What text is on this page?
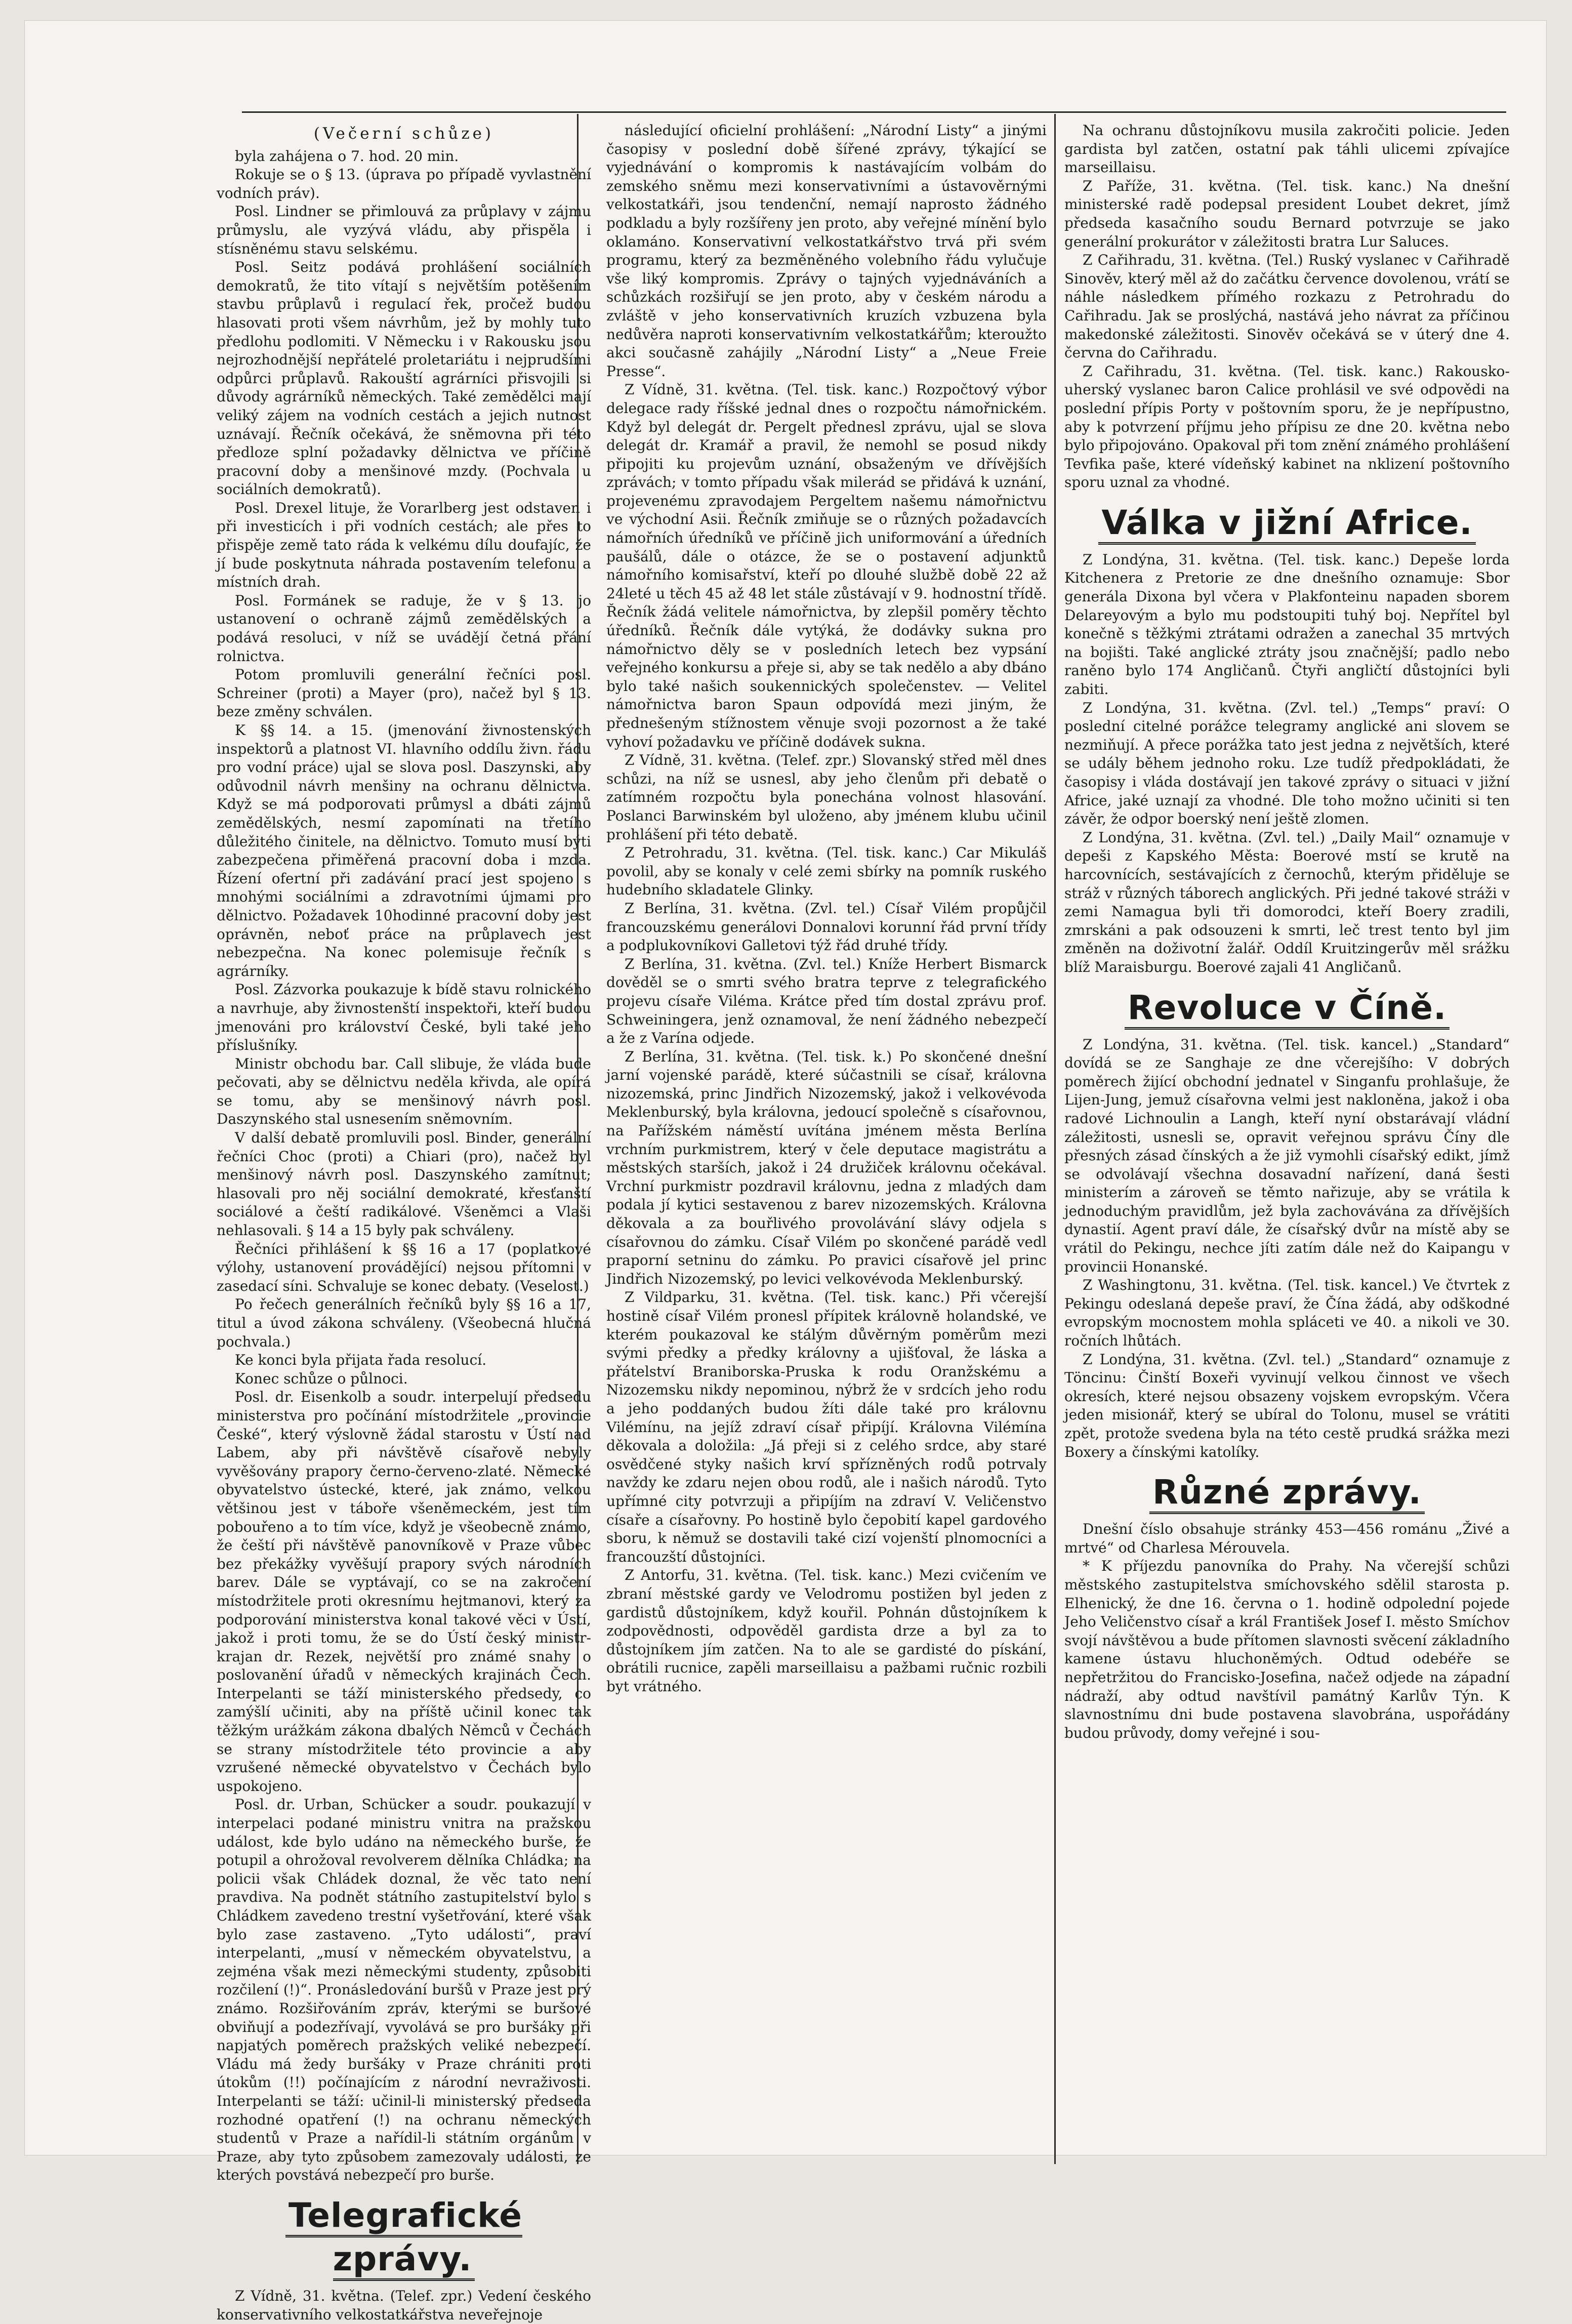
(Večerní schůze)

byla zahájena o 7. hod. 20 min.

Rokuje se o § 13. (úprava po případě vyvlastnění vodních práv).

Posl. Lindner se přimlouvá za průplavy v zájmu průmyslu, ale vyzývá vládu, aby přispěla i stísněnému stavu selskému.

Posl. Seitz podává prohlášení sociálních demokratů, že tito vítají s největším potěšením stavbu průplavů i regulací řek, pročež budou hlasovati proti všem návrhům, jež by mohly tuto předlohu podlomiti. V Německu i v Rakousku jsou nejrozhodnější nepřátelé proletariátu i nejprudšími odpůrci průplavů. Rakouští agrárníci přisvojili si důvody agrárníků německých. Také zemědělci mají veliký zájem na vodních cestách a jejich nutnost uznávají. Řečník očekává, že sněmovna při této předloze splní požadavky dělnictva ve příčině pracovní doby a menšinové mzdy. (Pochvala u sociálních demokratů).

Posl. Drexel lituje, že Vorarlberg jest odstaven i při investicích i při vodních cestách; ale přes to přispěje země tato ráda k velkému dílu doufajíc, že jí bude poskytnuta náhrada postavením telefonu a místních drah.

Posl. Formánek se raduje, že v § 13. jo ustanovení o ochraně zájmů zemědělských a podává resoluci, v níž se uvádějí četná přání rolnictva.

Potom promluvili generální řečníci posl. Schreiner (proti) a Mayer (pro), načež byl § 13. beze změny schválen.

K §§ 14. a 15. (jmenování živnostenských inspektorů a platnost VI. hlavního oddílu živn. řádu pro vodní práce) ujal se slova posl. Daszynski, aby odůvodnil návrh menšiny na ochranu dělnictva. Když se má podporovati průmysl a dbáti zájmů zemědělských, nesmí zapomínati na třetího důležitého činitele, na dělnictvo. Tomuto musí býti zabezpečena přiměřená pracovní doba i mzda. Řízení ofertní při zadávání prací jest spojeno s mnohými sociálními a zdravotními újmami pro dělnictvo. Požadavek 10hodinné pracovní doby jest oprávněn, neboť práce na průplavech jest nebezpečna. Na konec polemisuje řečník s agrárníky.

Posl. Zázvorka poukazuje k bídě stavu rolnického a navrhuje, aby živnostenští inspektoři, kteří budou jmenováni pro království České, byli také jeho příslušníky.

Ministr obchodu bar. Call slibuje, že vláda bude pečovati, aby se dělnictvu neděla křivda, ale opírá se tomu, aby se menšinový návrh posl. Daszynského stal usnesením sněmovním.

V další debatě promluvili posl. Binder, generální řečníci Choc (proti) a Chiari (pro), načež byl menšinový návrh posl. Daszynského zamítnut; hlasovali pro něj sociální demokraté, křesťanští sociálové a čeští radikálové. Všeněmci a Vlaši nehlasovali. § 14 a 15 byly pak schváleny.

Řečníci přihlášení k §§ 16 a 17 (poplatkové výlohy, ustanovení provádějící) nejsou přítomni v zasedací síni. Schvaluje se konec debaty. (Veselost.)

Po řečech generálních řečníků byly §§ 16 a 17, titul a úvod zákona schváleny. (Všeobecná hlučná pochvala.)

Ke konci byla přijata řada resolucí.

Konec schůze o půlnoci.

Posl. dr. Eisenkolb a soudr. interpelují předsedu ministerstva pro počínání místodržitele „provincie České“, který výslovně žádal starostu v Ústí nad Labem, aby při návštěvě císařově nebyly vyvěšovány prapory černo-červeno-zlaté. Německé obyvatelstvo ústecké, které, jak známo, velkou většinou jest v táboře všeněmeckém, jest tím pobouřeno a to tím více, když je všeobecně známo, že čeští při návštěvě panovníkově v Praze vůbec bez překážky vyvěšují prapory svých národních barev. Dále se vyptávají, co se na zakročení místodržitele proti okresnímu hejtmanovi, který za podporování ministerstva konal takové věci v Ústí, jakož i proti tomu, že se do Ústí český ministr-krajan dr. Rezek, největší pro známé snahy o poslovanění úřadů v německých krajinách Čech. Interpelanti se táží ministerského předsedy, co zamýšlí učiniti, aby na příště učinil konec tak těžkým urážkám zákona dbalých Němců v Čechách se strany místodržitele této provincie a aby vzrušené německé obyvatelstvo v Čechách bylo uspokojeno.

Posl. dr. Urban, Schücker a soudr. poukazují v interpelaci podané ministru vnitra na pražskou událost, kde bylo udáno na německého burše, že potupil a ohrožoval revolverem dělníka Chládka; na policii však Chládek doznal, že věc tato není pravdiva. Na podnět státního zastupitelství bylo s Chládkem zavedeno trestní vyšetřování, které však bylo zase zastaveno. „Tyto události“, praví interpelanti, „musí v německém obyvatelstvu, a zejména však mezi německými studenty, způsobiti rozčilení (!)“. Pronásledování buršů v Praze jest prý známo. Rozšiřováním zpráv, kterými se buršové obviňují a podezřívají, vyvolává se pro buršáky při napjatých poměrech pražských veliké nebezpečí. Vládu má žedy buršáky v Praze chrániti proti útokům (!!) počínajícím z národní nevraživosti. Interpelanti se táží: učinil-li ministerský předseda rozhodné opatření (!) na ochranu německých studentů v Praze a nařídil-li státním orgánům v Praze, aby tyto způsobem zamezovaly události, ze kterých povstává nebezpečí pro burše.

Telegrafické zprávy.

Z Vídně, 31. května. (Telef. zpr.) Vedení českého konservativního velkostatkářstva neveřejnoje

následující oficielní prohlášení: „Národní Listy“ a jinými časopisy v poslední době šířené zprávy, týkající se vyjednávání o kompromis k nastávajícím volbám do zemského sněmu mezi konservativními a ústavověrnými velkostatkáři, jsou tendenční, nemají naprosto žádného podkladu a byly rozšířeny jen proto, aby veřejné mínění bylo oklamáno. Konservativní velkostatkářstvo trvá při svém programu, který za bezměněného volebního řádu vylučuje vše liký kompromis. Zprávy o tajných vyjednáváních a schůzkách rozšiřují se jen proto, aby v českém národu a zvláště v jeho konservativních kruzích vzbuzena byla nedůvěra naproti konservativním velkostatkářům; kteroužto akci současně zahájily „Národní Listy“ a „Neue Freie Presse“.

Z Vídně, 31. května. (Tel. tisk. kanc.) Rozpočtový výbor delegace rady říšské jednal dnes o rozpočtu námořnickém. Když byl delegát dr. Pergelt přednesl zprávu, ujal se slova delegát dr. Kramář a pravil, že nemohl se posud nikdy připojiti ku projevům uznání, obsaženým ve dřívějších zprávách; v tomto případu však milerád se přidává k uznání, projevenému zpravodajem Pergeltem našemu námořnictvu ve východní Asii. Řečník zmiňuje se o různých požadavcích námořních úředníků ve příčině jich uniformování a úředních paušálů, dále o otázce, že se o postavení adjunktů námořního komisařství, kteří po dlouhé službě době 22 až 24leté u těch 45 až 48 let stále zůstávají v 9. hodnostní třídě. Řečník žádá velitele námořnictva, by zlepšil poměry těchto úředníků. Řečník dále vytýká, že dodávky sukna pro námořnictvo děly se v posledních letech bez vypsání veřejného konkursu a přeje si, aby se tak nedělo a aby dbáno bylo také našich soukennických společenstev. — Velitel námořnictva baron Spaun odpovídá mezi jiným, že přednešeným stížnostem věnuje svoji pozornost a že také vyhoví požadavku ve příčině dodávek sukna.

Z Vídně, 31. května. (Telef. zpr.) Slovanský střed měl dnes schůzi, na níž se usnesl, aby jeho členům při debatě o zatímném rozpočtu byla ponechána volnost hlasování. Poslanci Barwinském byl uloženo, aby jménem klubu učinil prohlášení při této debatě.

Z Petrohradu, 31. května. (Tel. tisk. kanc.) Car Mikuláš povolil, aby se konaly v celé zemi sbírky na pomník ruského hudebního skladatele Glinky.

Z Berlína, 31. května. (Zvl. tel.) Císař Vilém propůjčil francouzskému generálovi Donnalovi korunní řád první třídy a podplukovníkovi Galletovi týž řád druhé třídy.

Z Berlína, 31. května. (Zvl. tel.) Kníže Herbert Bismarck dověděl se o smrti svého bratra teprve z telegrafického projevu císaře Viléma. Krátce před tím dostal zprávu prof. Schweiningera, jenž oznamoval, že není žádného nebezpečí a že z Varína odjede.

Z Berlína, 31. května. (Tel. tisk. k.) Po skončené dnešní jarní vojenské parádě, které súčastnili se císař, královna nizozemská, princ Jindřich Nizozemský, jakož i velkovévoda Meklenburský, byla královna, jedoucí společně s císařovnou, na Pařížském náměstí uvítána jménem města Berlína vrchním purkmistrem, který v čele deputace magistrátu a městských starších, jakož i 24 družiček královnu očekával. Vrchní purkmistr pozdravil královnu, jedna z mladých dam podala jí kytici sestavenou z barev nizozemských. Královna děkovala a za bouřlivého provolávání slávy odjela s císařovnou do zámku. Císař Vilém po skončené parádě vedl praporní setninu do zámku. Po pravici císařově jel princ Jindřich Nizozemský, po levici velkovévoda Meklenburský.

Z Vildparku, 31. května. (Tel. tisk. kanc.) Při včerejší hostině císař Vilém pronesl přípitek královně holandské, ve kterém poukazoval ke stálým důvěrným poměrům mezi svými předky a předky královny a ujišťoval, že láska a přátelství Braniborska-Pruska k rodu Oranžskému a Nizozemsku nikdy nepominou, nýbrž že v srdcích jeho rodu a jeho poddaných budou žíti dále také pro královnu Vilémínu, na jejíž zdraví císař připíjí. Královna Vilémína děkovala a doložila: „Já přeji si z celého srdce, aby staré osvědčené styky našich krví spřízněných rodů potrvaly navždy ke zdaru nejen obou rodů, ale i našich národů. Tyto upřímné city potvrzuji a připíjím na zdraví V. Veličenstvo císaře a císařovny. Po hostině bylo čepobití kapel gardového sboru, k němuž se dostavili také cizí vojenští plnomocníci a francouzští důstojníci.

Z Antorfu, 31. května. (Tel. tisk. kanc.) Mezi cvičením ve zbraní městské gardy ve Velodromu postižen byl jeden z gardistů důstojníkem, když kouřil. Pohnán důstojníkem k zodpovědnosti, odpověděl gardista drze a byl za to důstojníkem jím zatčen. Na to ale se gardisté do pískání, obrátili rucnice, zapěli marseillaisu a pažbami ručnic rozbili byt vrátného.

Na ochranu důstojníkovu musila zakročiti policie. Jeden gardista byl zatčen, ostatní pak táhli ulicemi zpívajíce marseillaisu.

Z Paříže, 31. května. (Tel. tisk. kanc.) Na dnešní ministerské radě podepsal president Loubet dekret, jímž předseda kasačního soudu Bernard potvrzuje se jako generální prokurátor v záležitosti bratra Lur Saluces.

Z Cařihradu, 31. května. (Tel.) Ruský vyslanec v Cařihradě Sinověv, který měl až do začátku července dovolenou, vrátí se náhle následkem přímého rozkazu z Petrohradu do Cařihradu. Jak se proslýchá, nastává jeho návrat za příčinou makedonské záležitosti. Sinověv očekává se v úterý dne 4. června do Cařihradu.

Z Cařihradu, 31. května. (Tel. tisk. kanc.) Rakousko-uherský vyslanec baron Calice prohlásil ve své odpovědi na poslední přípis Porty v poštovním sporu, že je nepřípustno, aby k potvrzení příjmu jeho přípisu ze dne 20. května nebo bylo připojováno. Opakoval při tom znění známého prohlášení Tevfika paše, které vídeňský kabinet na nklizení poštovního sporu uznal za vhodné.

Válka v jižní Africe.

Z Londýna, 31. května. (Tel. tisk. kanc.) Depeše lorda Kitchenera z Pretorie ze dne dnešního oznamuje: Sbor generála Dixona byl včera v Plakfonteinu napaden sborem Delareyovým a bylo mu podstoupiti tuhý boj. Nepřítel byl konečně s těžkými ztrátami odražen a zanechal 35 mrtvých na bojišti. Také anglické ztráty jsou značnější; padlo nebo raněno bylo 174 Angličanů. Čtyři angličtí důstojníci byli zabiti.

Z Londýna, 31. května. (Zvl. tel.) „Temps“ praví: O poslední citelné porážce telegramy anglické ani slovem se nezmiňují. A přece porážka tato jest jedna z největších, které se udály během jednoho roku. Lze tudíž předpokládati, že časopisy i vláda dostávají jen takové zprávy o situaci v jižní Africe, jaké uznají za vhodné. Dle toho možno učiniti si ten závěr, že odpor boerský není ještě zlomen.

Z Londýna, 31. května. (Zvl. tel.) „Daily Mail“ oznamuje v depeši z Kapského Města: Boerové mstí se krutě na harcovnících, sestávajících z černochů, kterým přiděluje se stráž v různých táborech anglických. Při jedné takové stráži v zemi Namagua byli tři domorodci, kteří Boery zradili, zmrskáni a pak odsouzeni k smrti, leč trest tento byl jim změněn na doživotní žalář. Oddíl Kruitzingerův měl srážku blíž Maraisburgu. Boerové zajali 41 Angličanů.

Revoluce v Číně.

Z Londýna, 31. května. (Tel. tisk. kancel.) „Standard“ dovídá se ze Sanghaje ze dne včerejšího: V dobrých poměrech žijící obchodní jednatel v Singanfu prohlašuje, že Lijen-Jung, jemuž císařovna velmi jest nakloněna, jakož i oba radové Lichnoulin a Langh, kteří nyní obstarávají vládní záležitosti, usnesli se, opravit veřejnou správu Číny dle přesných zásad čínských a že již vymohli císařský edikt, jímž se odvolávají všechna dosavadní nařízení, daná šesti ministerím a zároveň se těmto nařizuje, aby se vrátila k jednoduchým pravidlům, jež byla zachovávána za dřívějších dynastií. Agent praví dále, že císařský dvůr na místě aby se vrátil do Pekingu, nechce jíti zatím dále než do Kaipangu v provincii Honanské.

Z Washingtonu, 31. května. (Tel. tisk. kancel.) Ve čtvrtek z Pekingu odeslaná depeše praví, že Čína žádá, aby odškodné evropským mocnostem mohla spláceti ve 40. a nikoli ve 30. ročních lhůtách.

Z Londýna, 31. května. (Zvl. tel.) „Standard“ oznamuje z Töncinu: Činští Boxeři vyvinují velkou činnost ve všech okresích, které nejsou obsazeny vojskem evropským. Včera jeden misionář, který se ubíral do Tolonu, musel se vrátiti zpět, protože svedena byla na této cestě prudká srážka mezi Boxery a čínskými katolíky.

Různé zprávy.

Dnešní číslo obsahuje stránky 453—456 románu „Živé a mrtvé“ od Charlesa Mérouvela.

* K příjezdu panovníka do Prahy. Na včerejší schůzi městského zastupitelstva smíchovského sdělil starosta p. Elhenický, že dne 16. června o 1. hodině odpolední pojede Jeho Veličenstvo císař a král František Josef I. město Smíchov svojí návštěvou a bude přítomen slavnosti svěcení základního kamene ústavu hluchoněmých. Odtud odebéře se nepřetržitou do Francisko-Josefina, načež odjede na západní nádraží, aby odtud navštívil památný Karlův Týn. K slavnostnímu dni bude postavena slavobrána, uspořádány budou průvody, domy veřejné i sou-
